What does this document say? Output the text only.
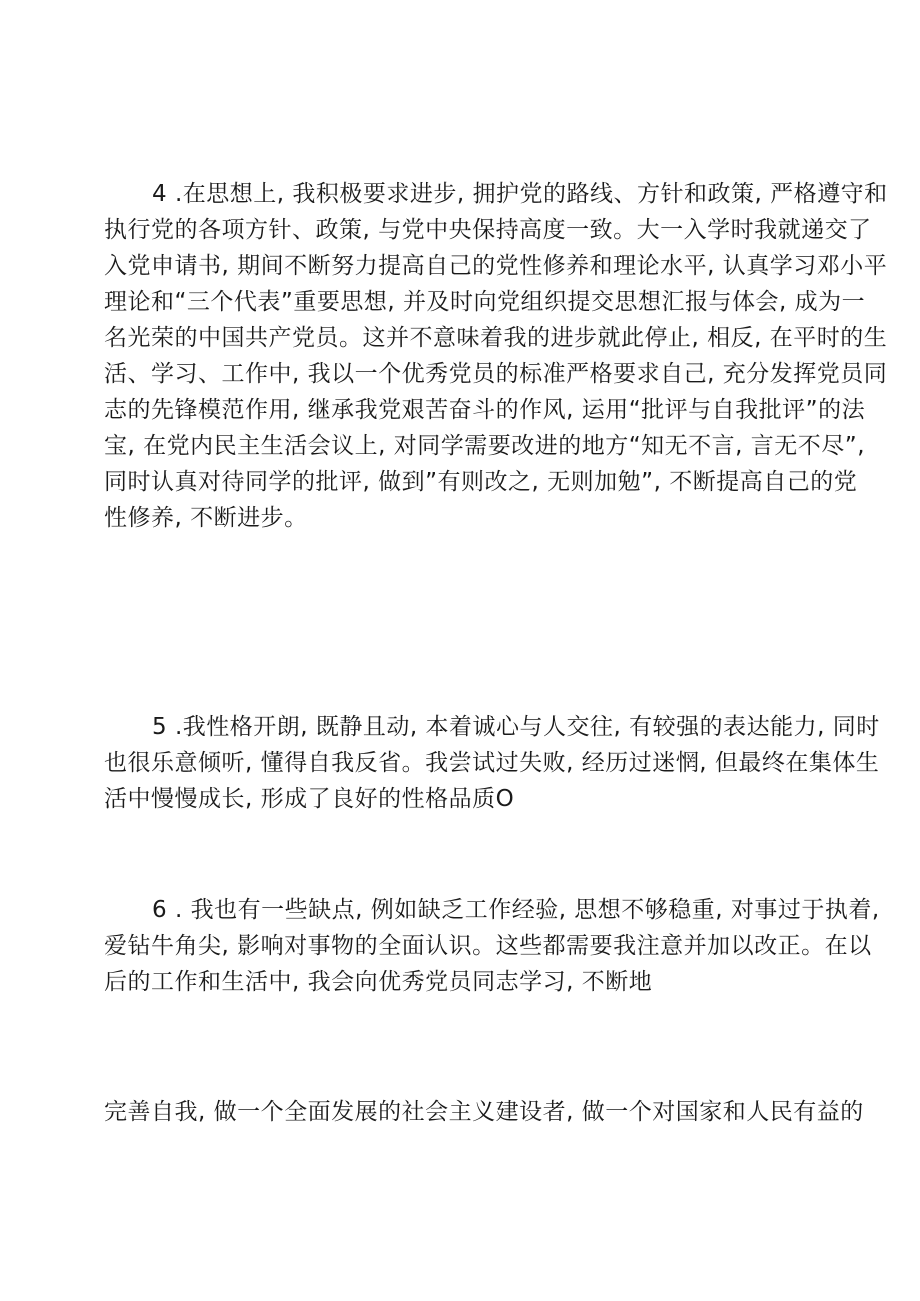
4 .在思想上, 我积极要求进步, 拥护党的路线、方针和政策, 严格遵守和
执行党的各项方针、政策, 与党中央保持高度一致。大一入学时我就递交了
入党申请书, 期间不断努力提高自己的党性修养和理论水平, 认真学习邓小平
理论和“三个代表”重要思想, 并及时向党组织提交思想汇报与体会, 成为一
名光荣的中国共产党员。这并不意味着我的进步就此停止, 相反, 在平时的生
活、学习、工作中, 我以一个优秀党员的标准严格要求自己, 充分发挥党员同
志的先锋模范作用, 继承我党艰苦奋斗的作风, 运用“批评与自我批评”的法
宝, 在党内民主生活会议上, 对同学需要改进的地方“知无不言, 言无不尽”,
同时认真对待同学的批评, 做到”有则改之, 无则加勉”, 不断提高自己的党
性修养, 不断进步。
5 .我性格开朗, 既静且动, 本着诚心与人交往, 有较强的表达能力, 同时
也很乐意倾听, 懂得自我反省。我尝试过失败, 经历过迷惘, 但最终在集体生
活中慢慢成长, 形成了良好的性格品质O
6 . 我也有一些缺点, 例如缺乏工作经验, 思想不够稳重, 对事过于执着,
爱钻牛角尖, 影响对事物的全面认识。这些都需要我注意并加以改正。在以
后的工作和生活中, 我会向优秀党员同志学习, 不断地
完善自我, 做一个全面发展的社会主义建设者, 做一个对国家和人民有益的
